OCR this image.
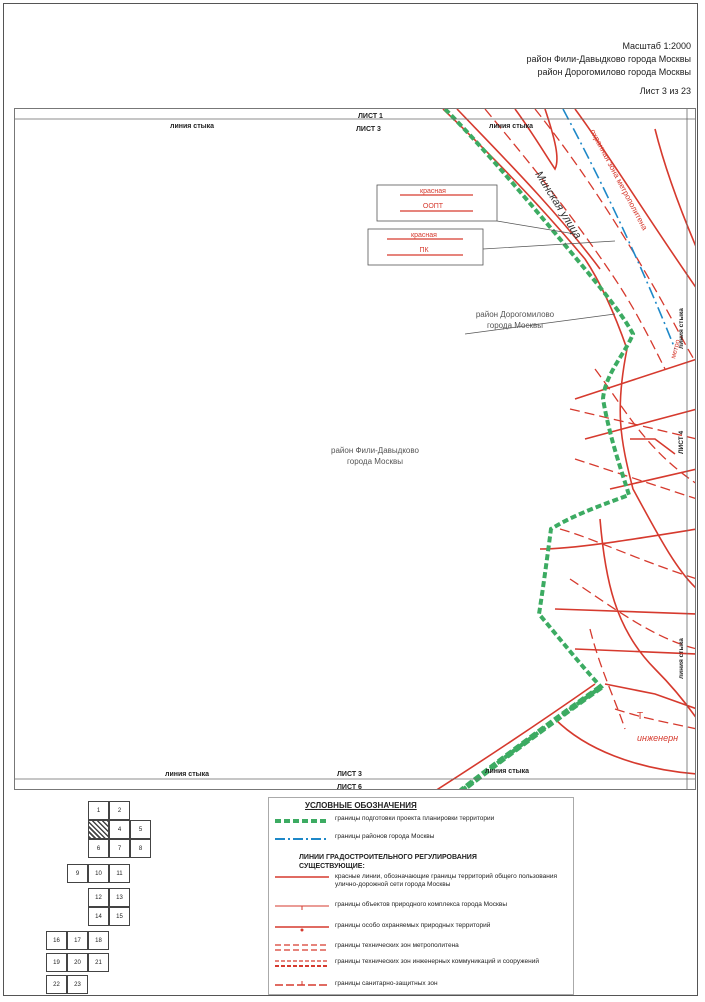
Масштаб 1:2000
район Фили-Давыдково города Москвы
район Дорогомилово города Москвы
Лист 3 из 23
красная
ООПТ
красная
ПК
Минская улица охранная зона метрополитена
метро
Т
инженерн
линия стыка
ЛИСТ 4
линия стыка
ЛИСТ 1
ЛИСТ 3
линия стыка	линия стыка
ЛИСТ 3
ЛИСТ 6
линия стыка	линия стыка
район Дорогомилово
города Москвы
район Фили-Давыдково
города Москвы
1	2
4	5
6	7	8
9	10	11
12	13
14	15
16	17	18
19	20	21
22	23
УСЛОВНЫЕ ОБОЗНАЧЕНИЯ
границы подготовки проекта планировки территории
границы районов города Москвы
ЛИНИИ ГРАДОСТРОИТЕЛЬНОГО РЕГУЛИРОВАНИЯ СУЩЕСТВУЮЩИЕ:
красные линии, обозначающие границы территорий общего пользования улично-дорожной сети города Москвы
границы объектов природного комплекса города Москвы
границы особо охраняемых природных территорий
границы технических зон метрополитена
границы технических зон инженерных коммуникаций и сооружений
границы санитарно-защитных зон
